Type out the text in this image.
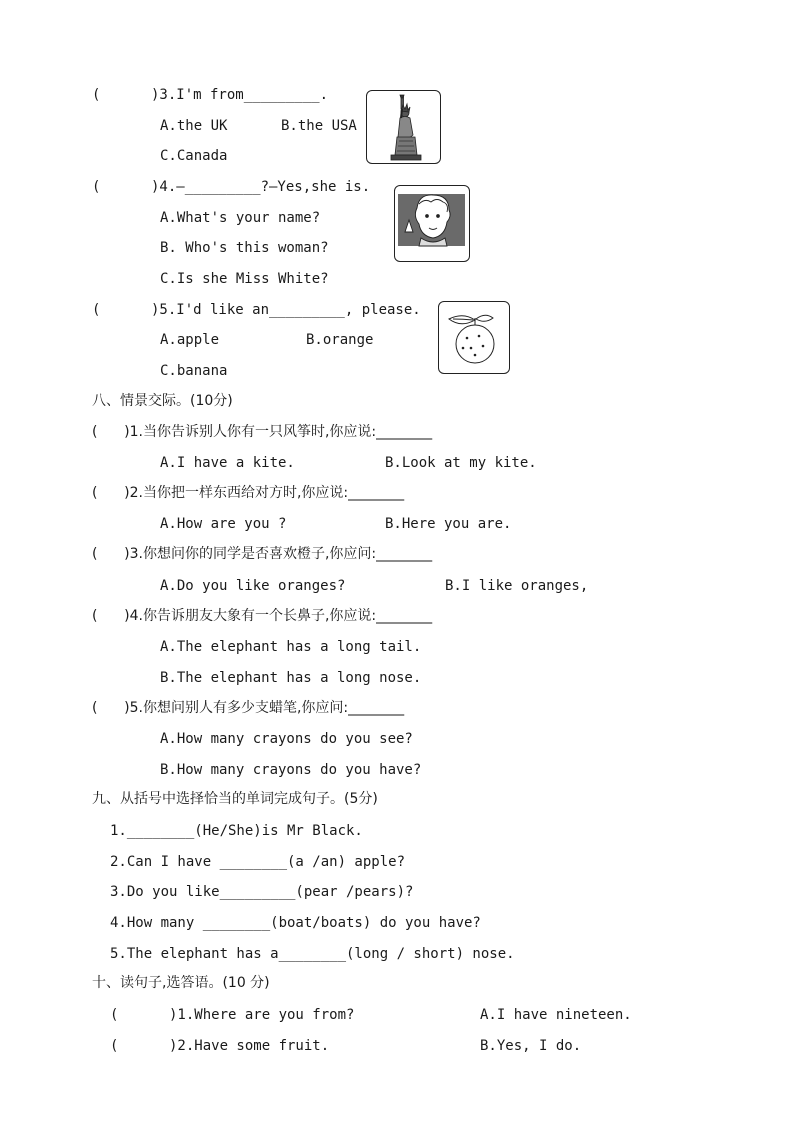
(      )3.I'm from_________.
A.the UK	B.the USA
C.Canada
(      )4.—_________?—Yes,she is.
A.What's your name?
B. Who's this woman?
C.Is she Miss White?
(      )5.I'd like an_________, please.
A.apple	B.orange
C.banana
八、情景交际。(10分)
(      )1.当你告诉别人你有一只风筝时,你应说:________
A.I have a kite.	B.Look at my kite.
(      )2.当你把一样东西给对方时,你应说:________
A.How are you ?	B.Here you are.
(      )3.你想问你的同学是否喜欢橙子,你应问:________
A.Do you like oranges?	B.I like oranges,
(      )4.你告诉朋友大象有一个长鼻子,你应说:________
A.The elephant has a long tail.
B.The elephant has a long nose.
(      )5.你想问别人有多少支蜡笔,你应问:________
A.How many crayons do you see?
B.How many crayons do you have?
九、从括号中选择恰当的单词完成句子。(5分)
1.________(He/She)is Mr Black.
2.Can I have ________(a /an) apple?
3.Do you like_________(pear /pears)?
4.How many ________(boat/boats) do you have?
5.The elephant has a________(long / short) nose.
十、读句子,选答语。(10 分)
(      )1.Where are you from?	A.I have nineteen.
(      )2.Have some fruit.	B.Yes, I do.
